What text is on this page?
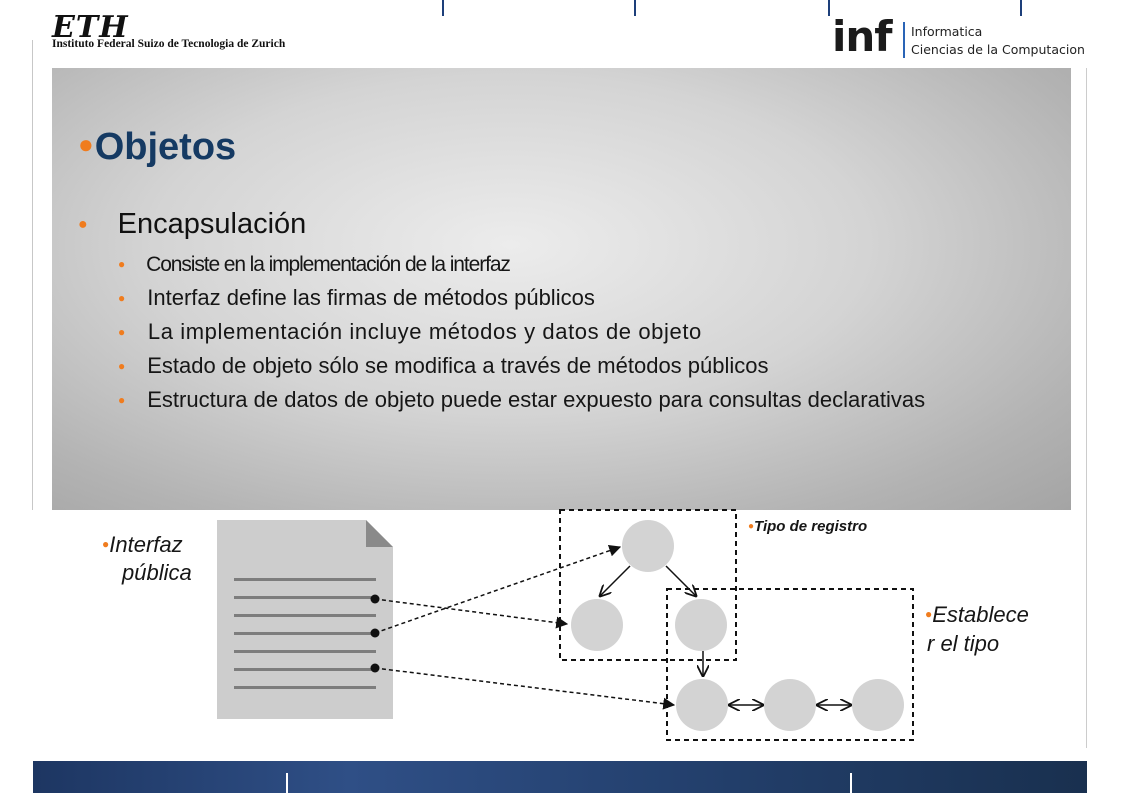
ETH
Instituto Federal Suizo de Tecnologia de Zurich	inf Informatica
Ciencias de la Computacion
●Objetos
● Encapsulación
● Consiste en la implementación de la interfaz
● Interfaz define las firmas de métodos públicos
● La implementación incluye métodos y datos de objeto
● Estado de objeto sólo se modifica a través de métodos públicos
● Estructura de datos de objeto puede estar expuesto para consultas declarativas
●Interfaz
pública
●Tipo de registro
●Establece
r el tipo
